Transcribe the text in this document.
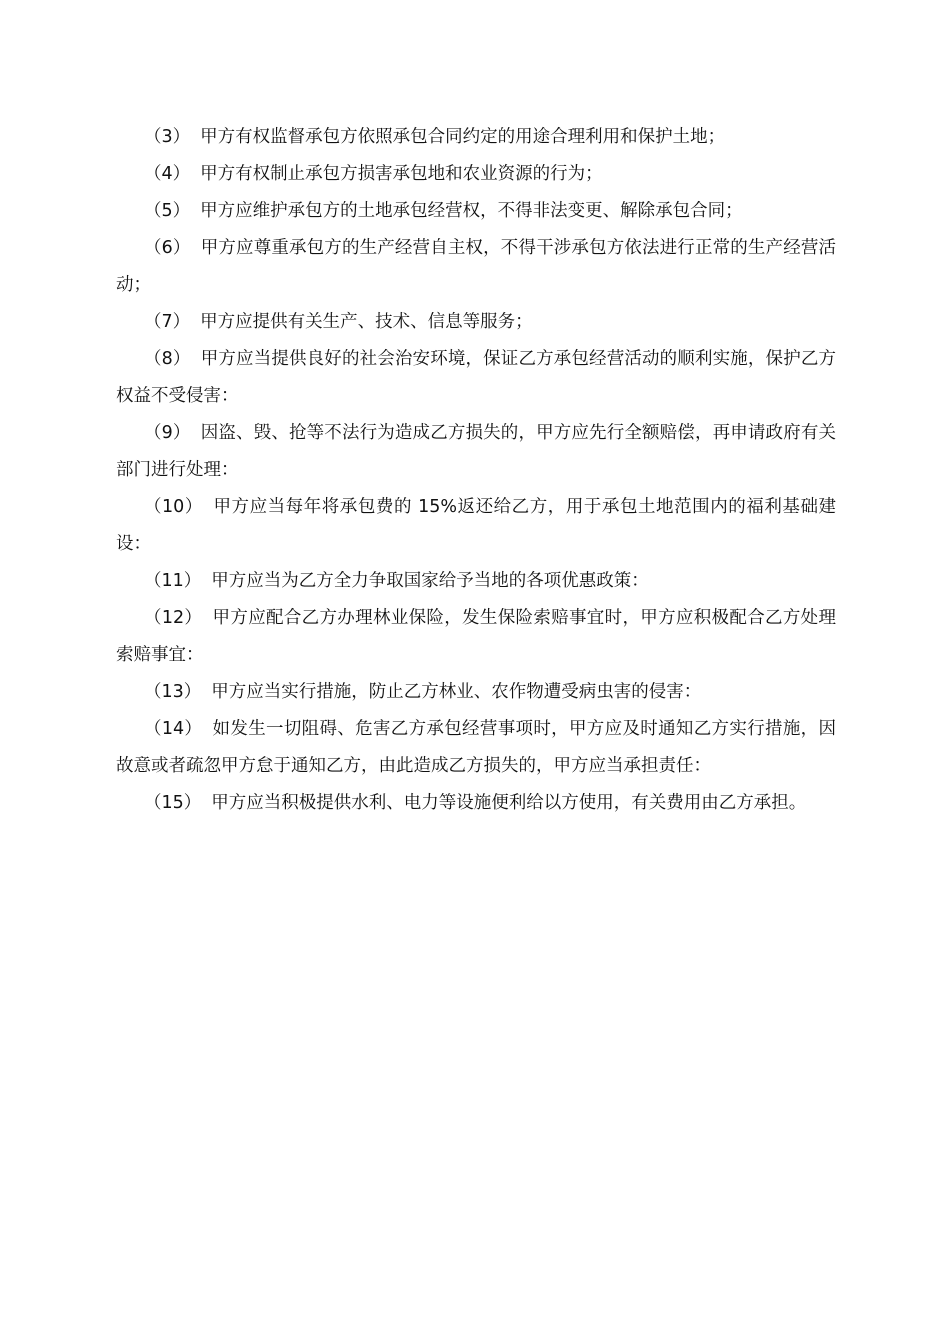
（3） 甲方有权监督承包方依照承包合同约定的用途合理利用和保护土地；

（4） 甲方有权制止承包方损害承包地和农业资源的行为；

（5） 甲方应维护承包方的土地承包经营权，不得非法变更、解除承包合同；

（6） 甲方应尊重承包方的生产经营自主权，不得干涉承包方依法进行正常的生产经营活动；

（7） 甲方应提供有关生产、技术、信息等服务；

（8） 甲方应当提供良好的社会治安环境，保证乙方承包经营活动的顺利实施，保护乙方权益不受侵害：

（9） 因盗、毁、抢等不法行为造成乙方损失的，甲方应先行全额赔偿，再申请政府有关部门进行处理：

（10） 甲方应当每年将承包费的 15%返还给乙方，用于承包土地范围内的福利基础建设：

（11） 甲方应当为乙方全力争取国家给予当地的各项优惠政策：

（12） 甲方应配合乙方办理林业保险，发生保险索赔事宜时，甲方应积极配合乙方处理索赔事宜：

（13） 甲方应当实行措施，防止乙方林业、农作物遭受病虫害的侵害：

（14） 如发生一切阻碍、危害乙方承包经营事项时，甲方应及时通知乙方实行措施，因故意或者疏忽甲方怠于通知乙方，由此造成乙方损失的，甲方应当承担责任：

（15） 甲方应当积极提供水利、电力等设施便利给以方使用，有关费用由乙方承担。
